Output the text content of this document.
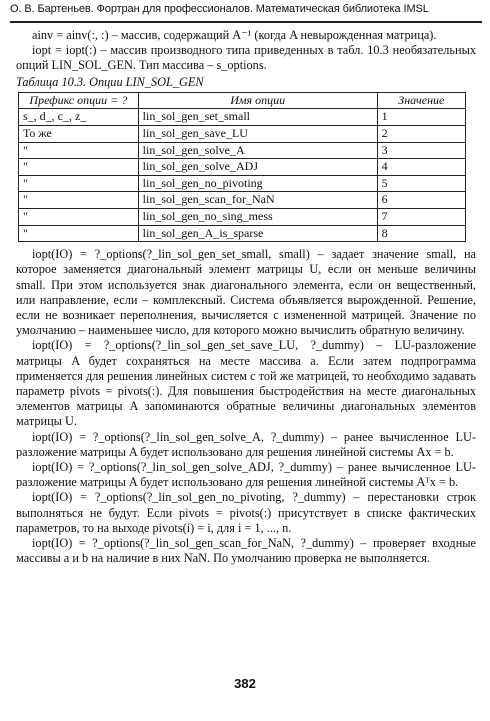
О. В. Бартеньев. Фортран для профессионалов. Математическая библиотека IMSL

ainv = ainv(:, :) – массив, содержащий A⁻¹ (когда A невырожденная матрица).

iopt = iopt(:) – массив производного типа приведенных в табл. 10.3 необязательных опций LIN_SOL_GEN. Тип массива – s_options.

Таблица 10.3. Опции LIN_SOL_GEN
Префикс опции = ?	Имя опции	Значение
s_, d_, c_, z_	lin_sol_gen_set_small	1
То же	lin_sol_gen_save_LU	2
"	lin_sol_gen_solve_A	3
"	lin_sol_gen_solve_ADJ	4
"	lin_sol_gen_no_pivoting	5
"	lin_sol_gen_scan_for_NaN	6
"	lin_sol_gen_no_sing_mess	7
"	lin_sol_gen_A_is_sparse	8

iopt(IO) = ?_options(?_lin_sol_gen_set_small, small) – задает значение small, на которое заменяется диагональный элемент матрицы U, если он меньше величины small. При этом используется знак диагонального элемента, если он вещественный, или направление, если – комплексный. Система объявляется вырожденной. Решение, если не возникает переполнения, вычисляется с измененной матрицей. Значение по умолчанию – наименьшее число, для которого можно вычислить обратную величину.

iopt(IO) = ?_options(?_lin_sol_gen_set_save_LU, ?_dummy) – LU-разложение матрицы A будет сохраняться на месте массива a. Если затем подпрограмма применяется для решения линейных систем с той же матрицей, то необходимо задавать параметр pivots = pivots(:). Для повышения быстродействия на месте диагональных элементов матрицы A запоминаются обратные величины диагональных элементов матрицы U.

iopt(IO) = ?_options(?_lin_sol_gen_solve_A, ?_dummy) – ранее вычисленное LU-разложение матрицы A будет использовано для решения линейной системы Ax = b.

iopt(IO) = ?_options(?_lin_sol_gen_solve_ADJ, ?_dummy) – ранее вычисленное LU-разложение матрицы A будет использовано для решения линейной системы Aᵀx = b.

iopt(IO) = ?_options(?_lin_sol_gen_no_pivoting, ?_dummy) – перестановки строк выполняться не будут. Если pivots = pivots(:) присутствует в списке фактических параметров, то на выходе pivots(i) = i, для i = 1, ..., n.

iopt(IO) = ?_options(?_lin_sol_gen_scan_for_NaN, ?_dummy) – проверяет входные массивы a и b на наличие в них NaN. По умолчанию проверка не выполняется.

382
